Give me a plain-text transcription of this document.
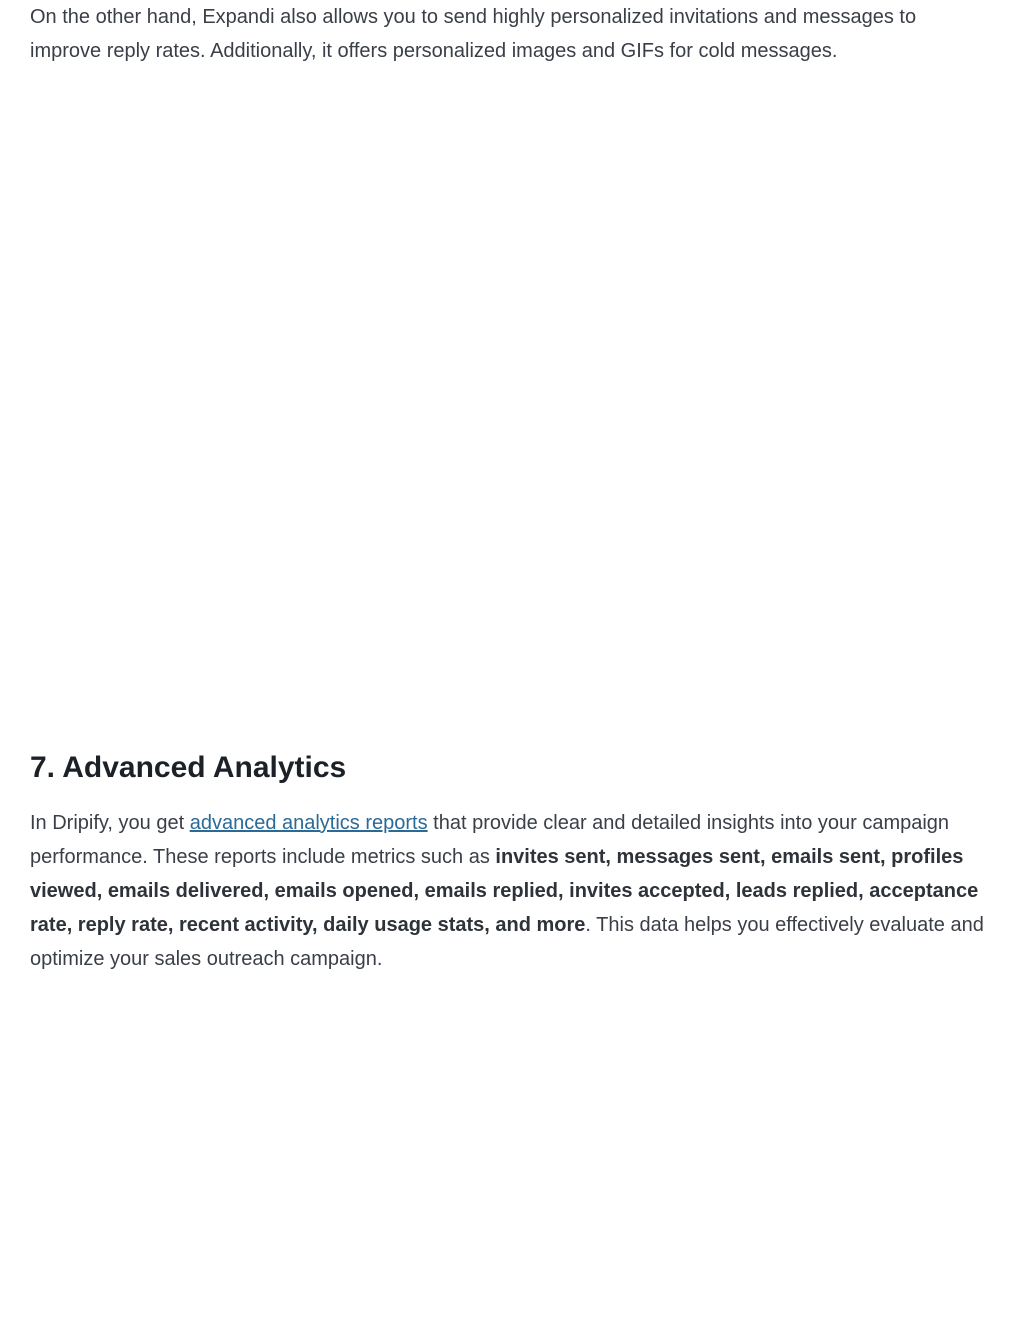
On the other hand, Expandi also allows you to send highly personalized invitations and messages to improve reply rates. Additionally, it offers personalized images and GIFs for cold messages.

7. Advanced Analytics

In Dripify, you get advanced analytics reports that provide clear and detailed insights into your campaign performance. These reports include metrics such as invites sent, messages sent, emails sent, profiles viewed, emails delivered, emails opened, emails replied, invites accepted, leads replied, acceptance rate, reply rate, recent activity, daily usage stats, and more. This data helps you effectively evaluate and optimize your sales outreach campaign.
